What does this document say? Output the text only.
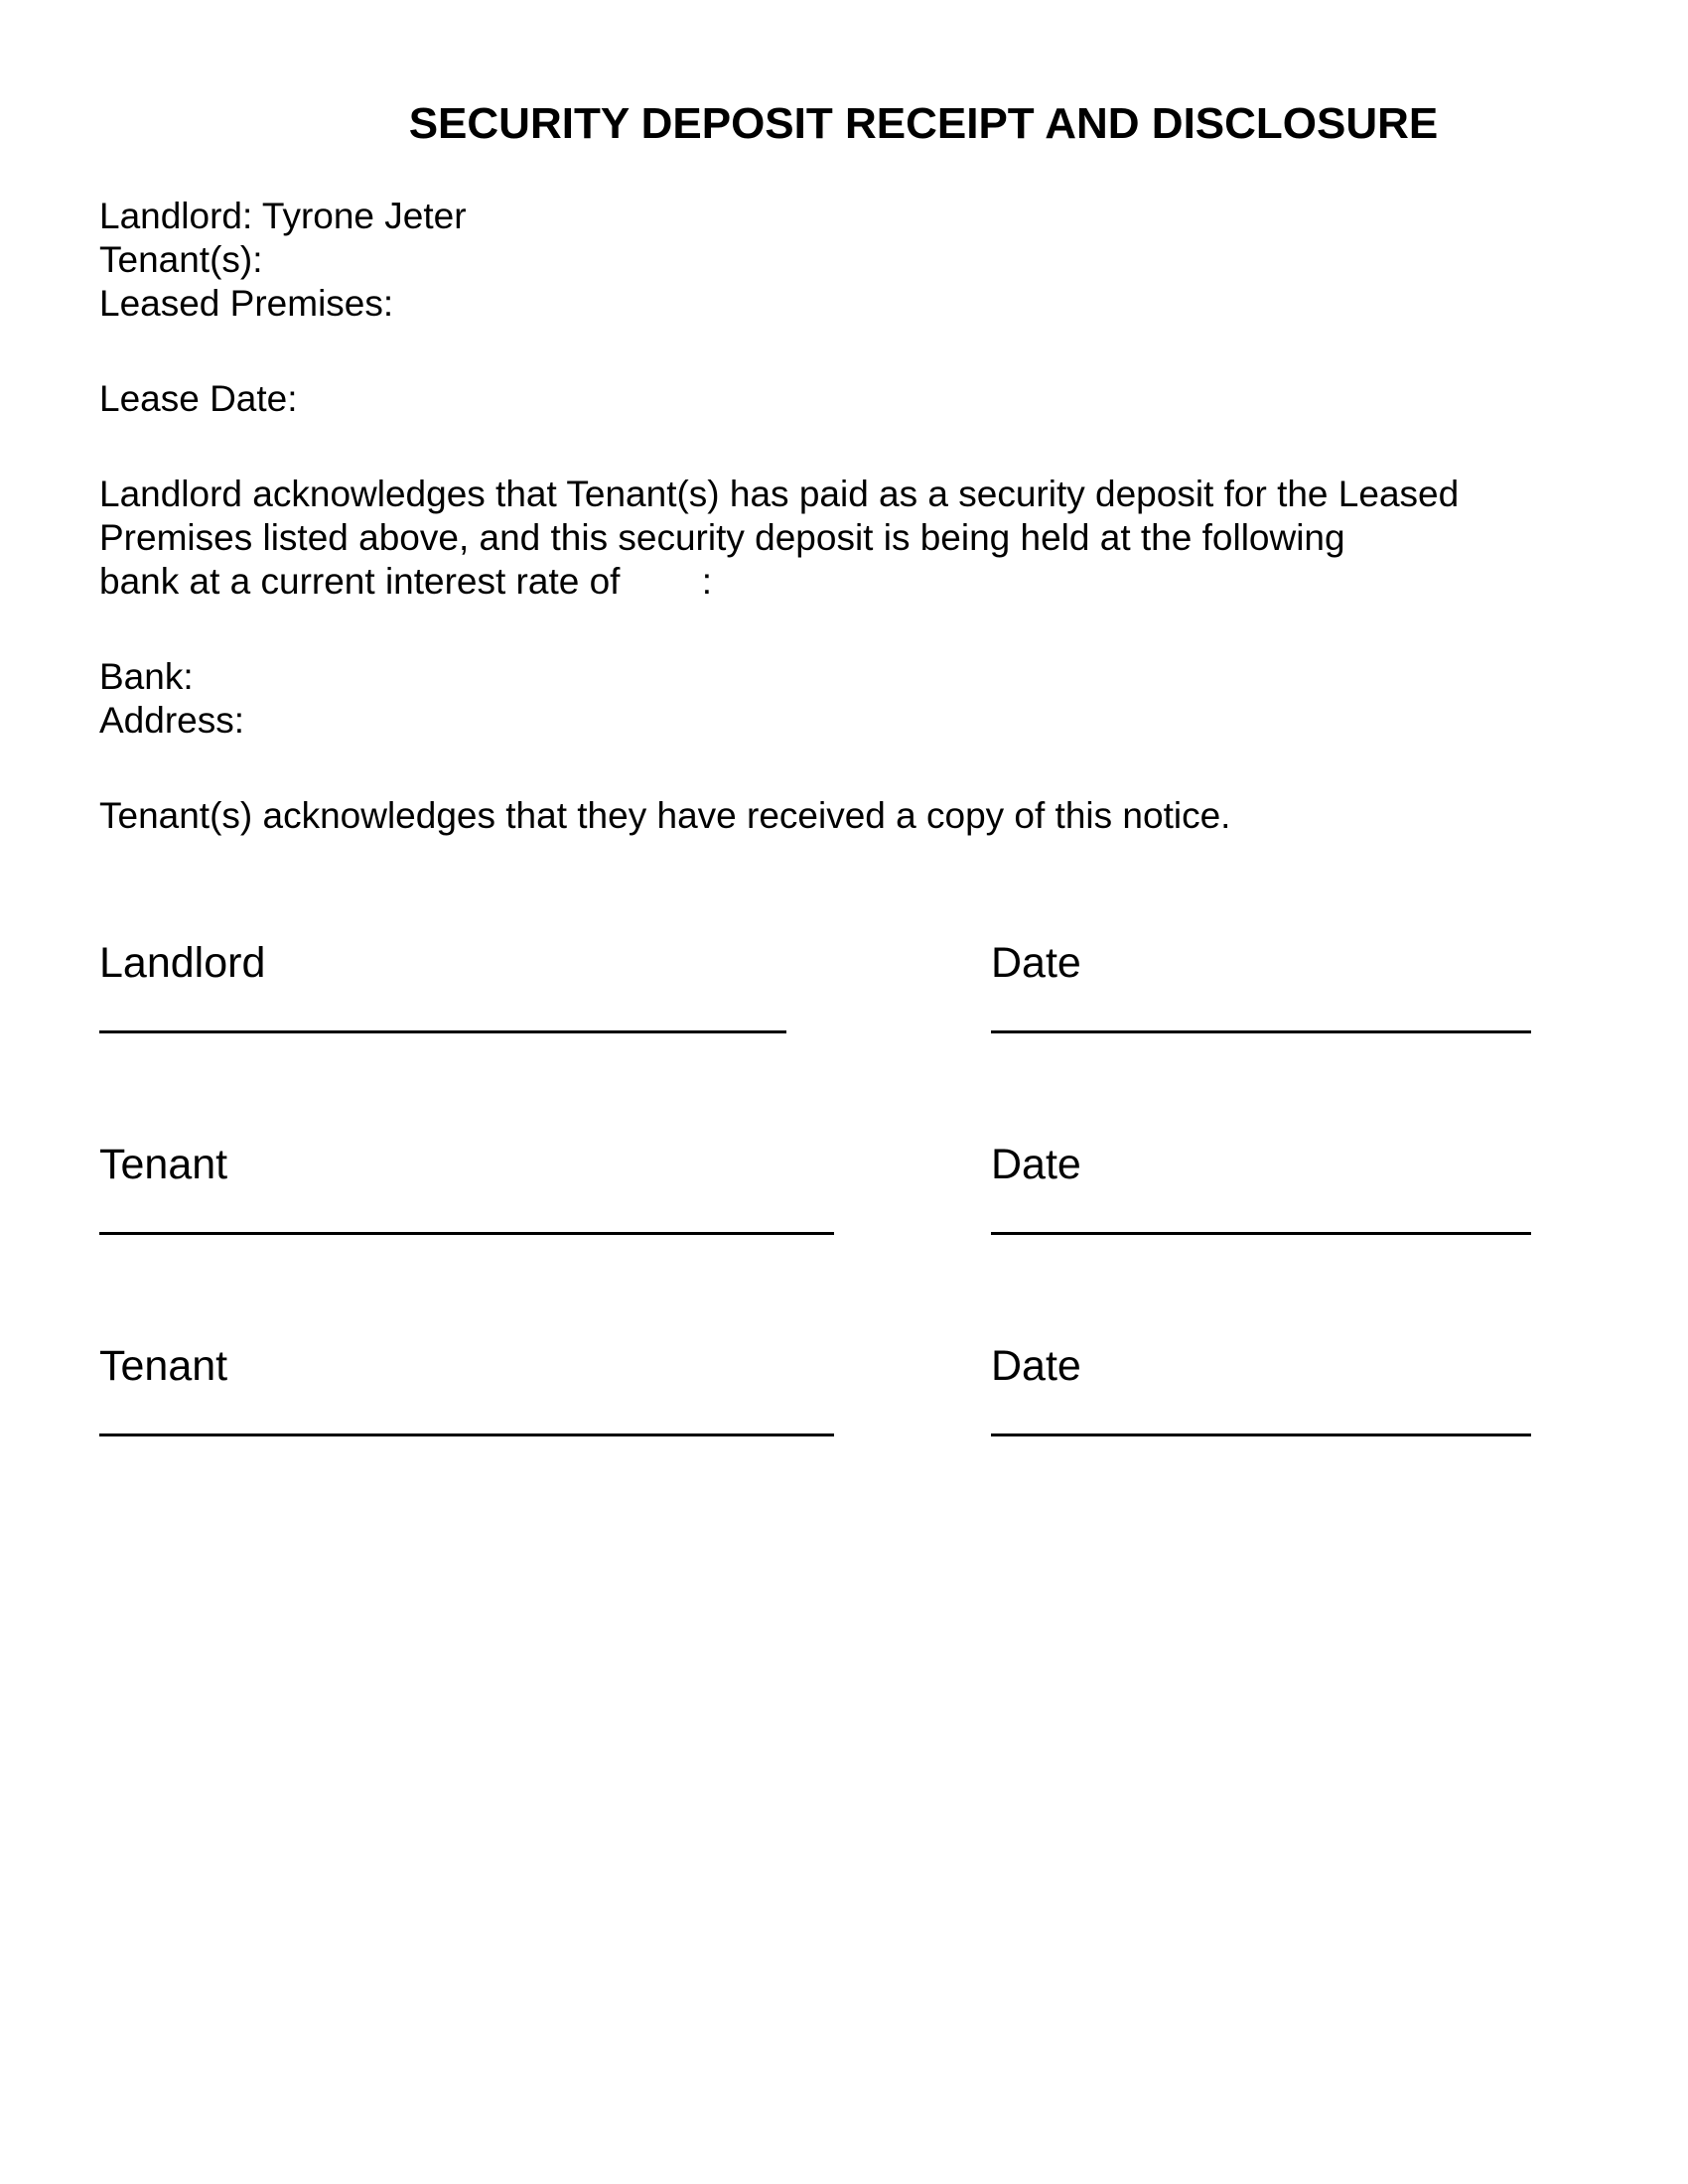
SECURITY DEPOSIT RECEIPT AND DISCLOSURE

Landlord: Tyrone Jeter

Tenant(s):

Leased Premises:

Lease Date:

Landlord acknowledges that Tenant(s) has paid as a security deposit for the Leased

Premises listed above, and this security deposit is being held at the following

bank at a current interest rate of        :

Bank:

Address:

Tenant(s) acknowledges that they have received a copy of this notice.

Landlord	Date

Tenant	Date

Tenant	Date
